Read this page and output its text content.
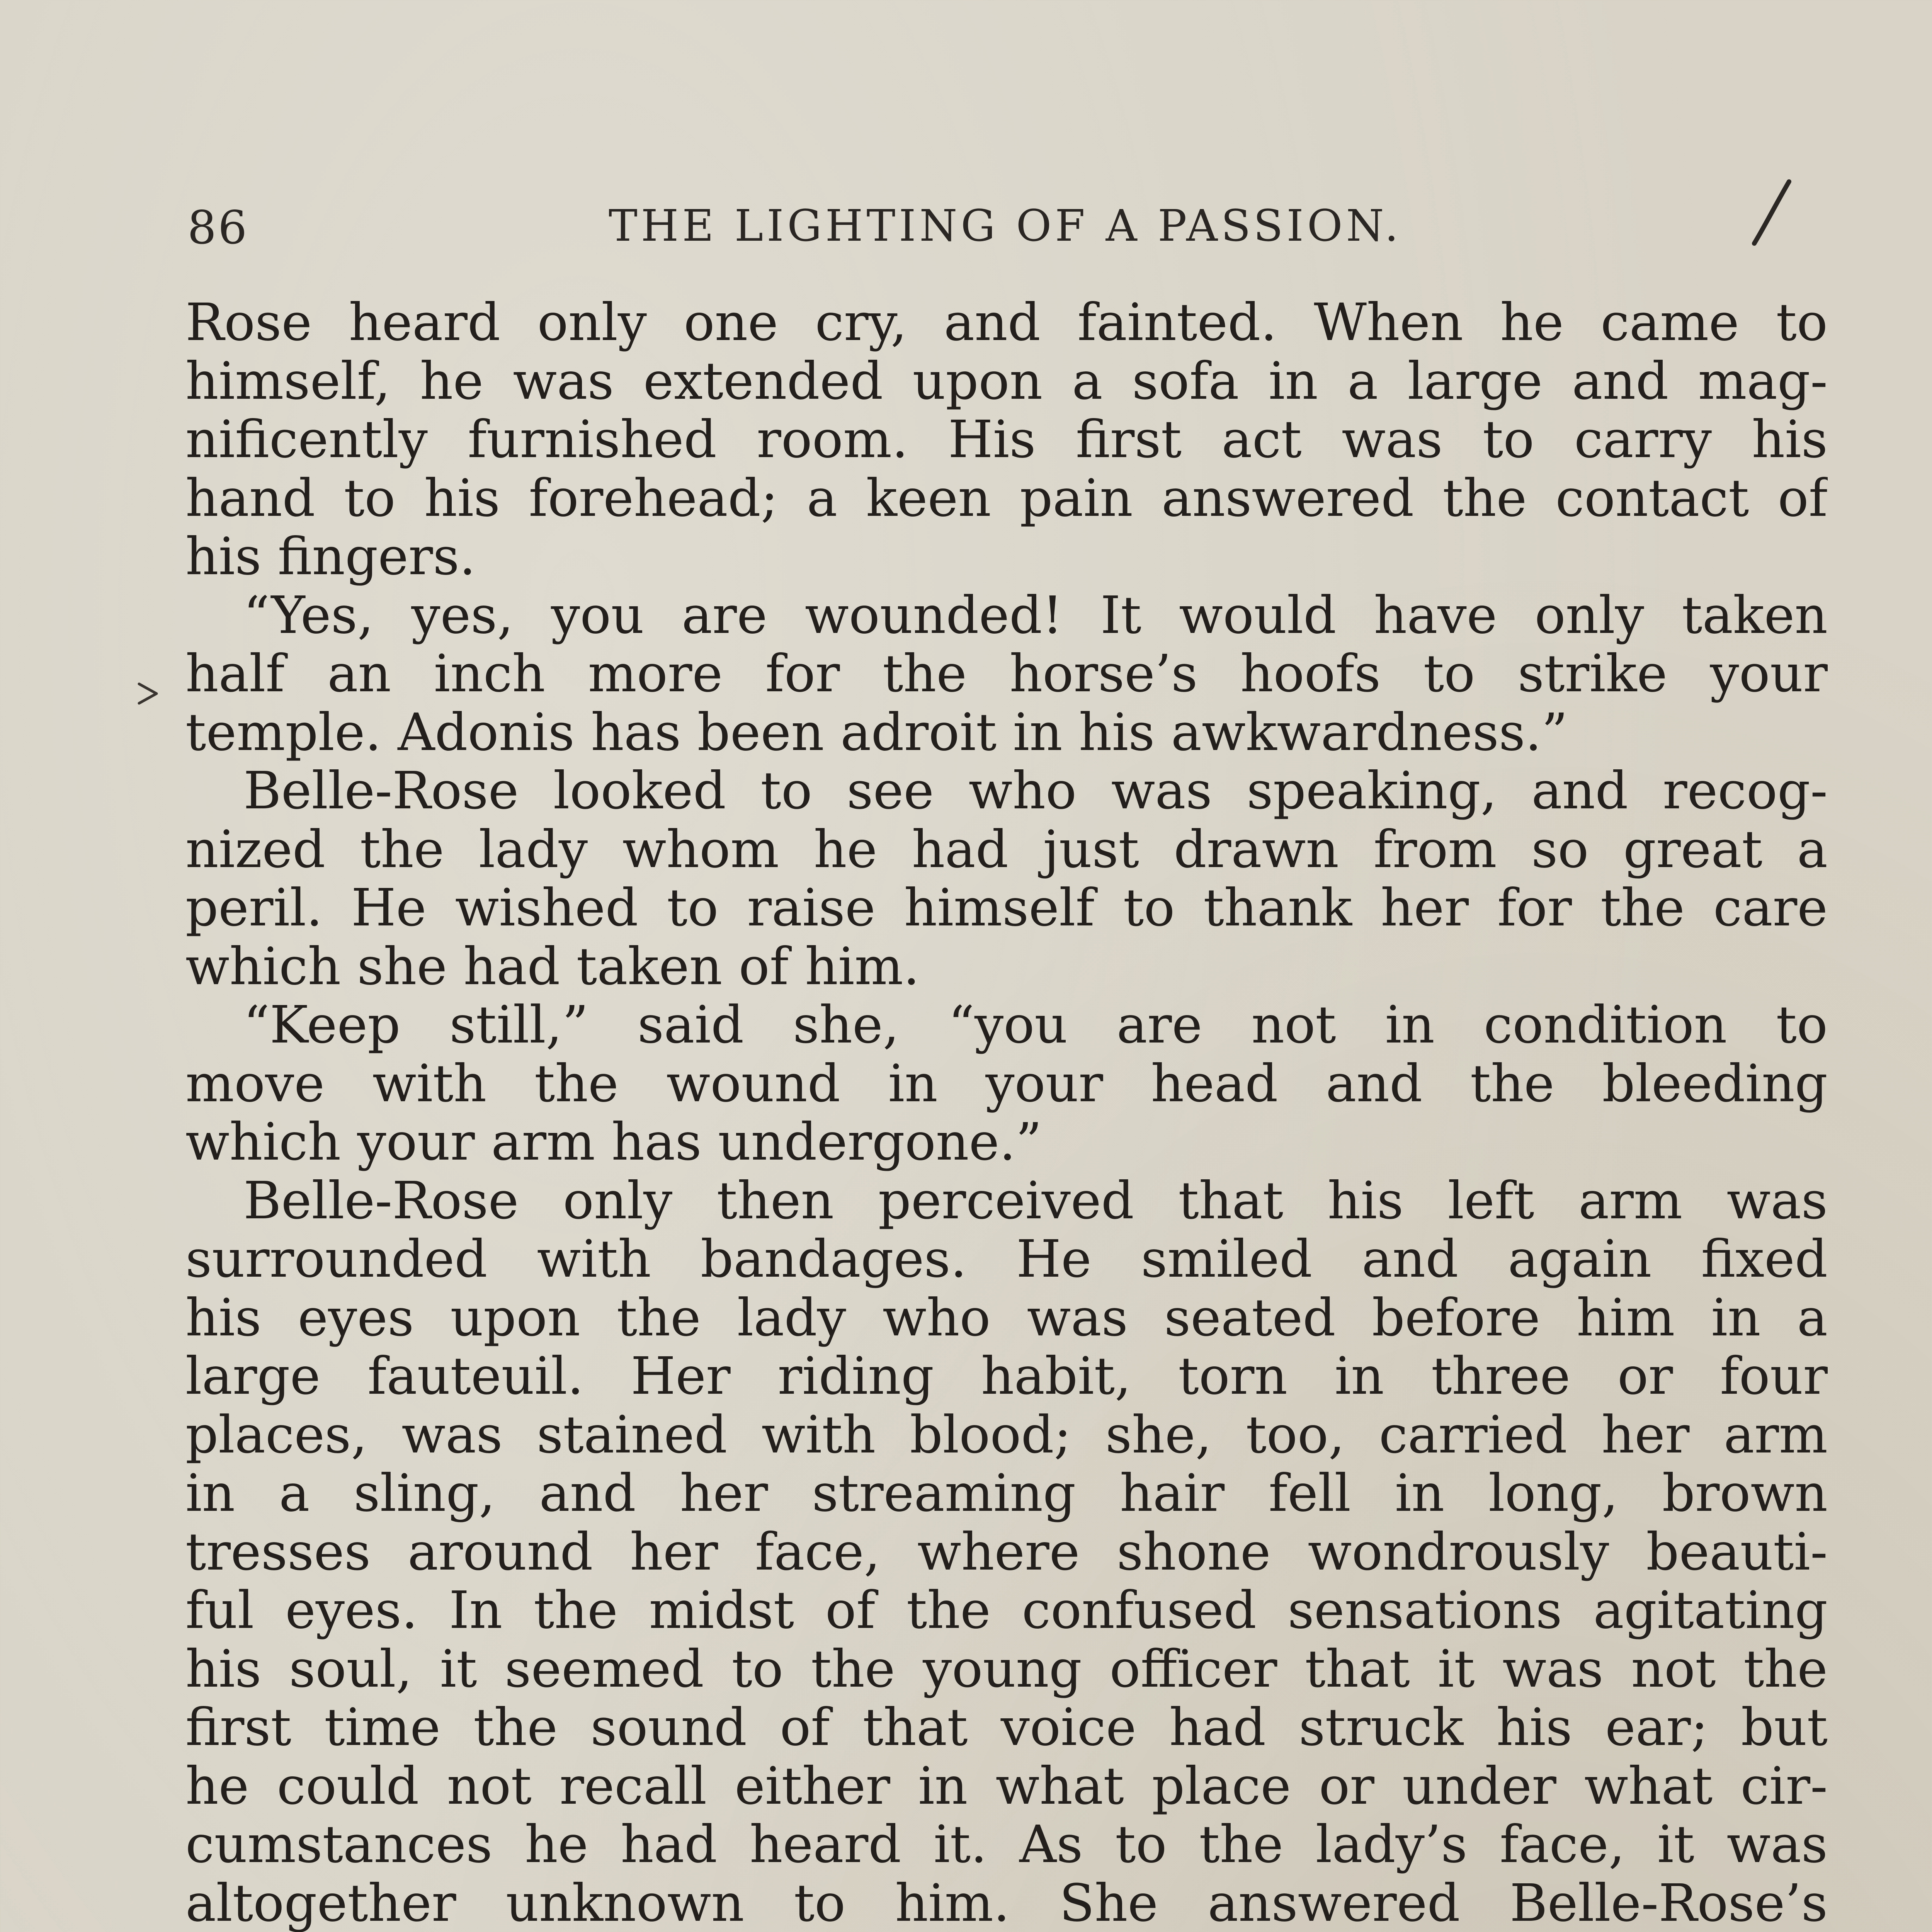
86	THE LIGHTING OF A PASSION.
Rose heard only one cry, and fainted. When he came to
himself, he was extended upon a sofa in a large and mag-
nificently furnished room. His first act was to carry his
hand to his forehead; a keen pain answered the contact of
his fingers.
“Yes, yes, you are wounded! It would have only taken
half an inch more for the horse’s hoofs to strike your
temple. Adonis has been adroit in his awkwardness.”
Belle-Rose looked to see who was speaking, and recog-
nized the lady whom he had just drawn from so great a
peril. He wished to raise himself to thank her for the care
which she had taken of him.
“Keep still,” said she, “you are not in condition to
move with the wound in your head and the bleeding
which your arm has undergone.”
Belle-Rose only then perceived that his left arm was
surrounded with bandages. He smiled and again fixed
his eyes upon the lady who was seated before him in a
large fauteuil. Her riding habit, torn in three or four
places, was stained with blood; she, too, carried her arm
in a sling, and her streaming hair fell in long, brown
tresses around her face, where shone wondrously beauti-
ful eyes. In the midst of the confused sensations agitating
his soul, it seemed to the young officer that it was not the
first time the sound of that voice had struck his ear; but
he could not recall either in what place or under what cir-
cumstances he had heard it. As to the lady’s face, it was
altogether unknown to him. She answered Belle-Rose’s
